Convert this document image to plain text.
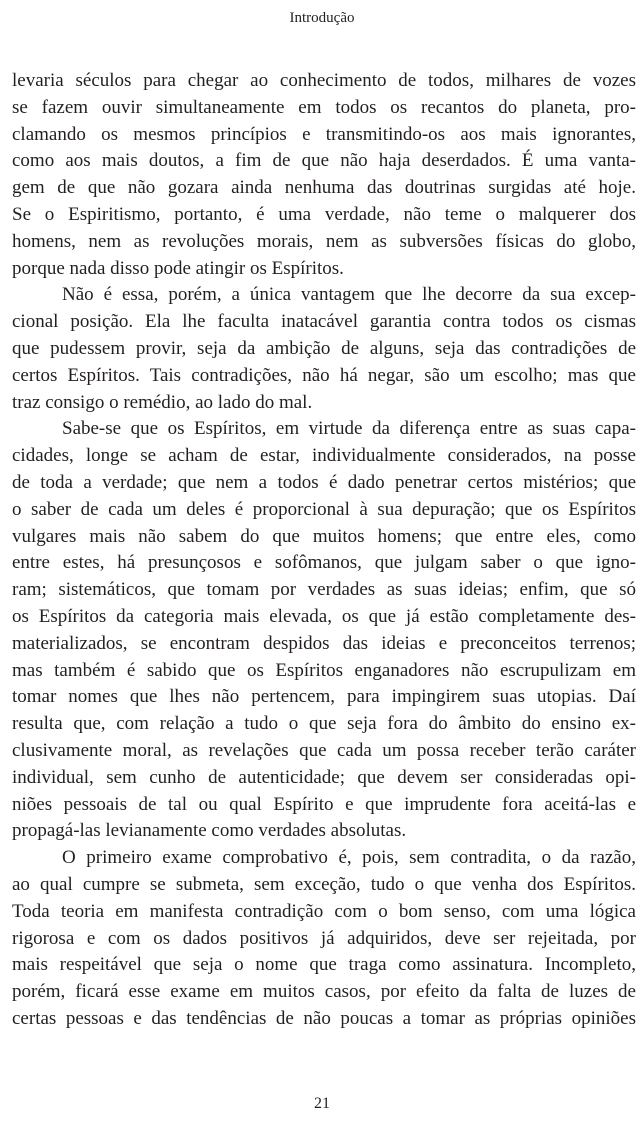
Introdução
levaria séculos para chegar ao conhecimento de todos, milhares de vozes
se fazem ouvir simultaneamente em todos os recantos do planeta, pro-
clamando os mesmos princípios e transmitindo-os aos mais ignorantes,
como aos mais doutos, a fim de que não haja deserdados. É uma vanta-
gem de que não gozara ainda nenhuma das doutrinas surgidas até hoje.
Se o Espiritismo, portanto, é uma verdade, não teme o malquerer dos
homens, nem as revoluções morais, nem as subversões físicas do globo,
porque nada disso pode atingir os Espíritos.
Não é essa, porém, a única vantagem que lhe decorre da sua excep-
cional posição. Ela lhe faculta inatacável garantia contra todos os cismas
que pudessem provir, seja da ambição de alguns, seja das contradições de
certos Espíritos. Tais contradições, não há negar, são um escolho; mas que
traz consigo o remédio, ao lado do mal.
Sabe-se que os Espíritos, em virtude da diferença entre as suas capa-
cidades, longe se acham de estar, individualmente considerados, na posse
de toda a verdade; que nem a todos é dado penetrar certos mistérios; que
o saber de cada um deles é proporcional à sua depuração; que os Espíritos
vulgares mais não sabem do que muitos homens; que entre eles, como
entre estes, há presunçosos e sofômanos, que julgam saber o que igno-
ram; sistemáticos, que tomam por verdades as suas ideias; enfim, que só
os Espíritos da categoria mais elevada, os que já estão completamente des-
materializados, se encontram despidos das ideias e preconceitos terrenos;
mas também é sabido que os Espíritos enganadores não escrupulizam em
tomar nomes que lhes não pertencem, para impingirem suas utopias. Daí
resulta que, com relação a tudo o que seja fora do âmbito do ensino ex-
clusivamente moral, as revelações que cada um possa receber terão caráter
individual, sem cunho de autenticidade; que devem ser consideradas opi-
niões pessoais de tal ou qual Espírito e que imprudente fora aceitá-las e
propagá-las levianamente como verdades absolutas.
O primeiro exame comprobativo é, pois, sem contradita, o da razão,
ao qual cumpre se submeta, sem exceção, tudo o que venha dos Espíritos.
Toda teoria em manifesta contradição com o bom senso, com uma lógica
rigorosa e com os dados positivos já adquiridos, deve ser rejeitada, por
mais respeitável que seja o nome que traga como assinatura. Incompleto,
porém, ficará esse exame em muitos casos, por efeito da falta de luzes de
certas pessoas e das tendências de não poucas a tomar as próprias opiniões
21
